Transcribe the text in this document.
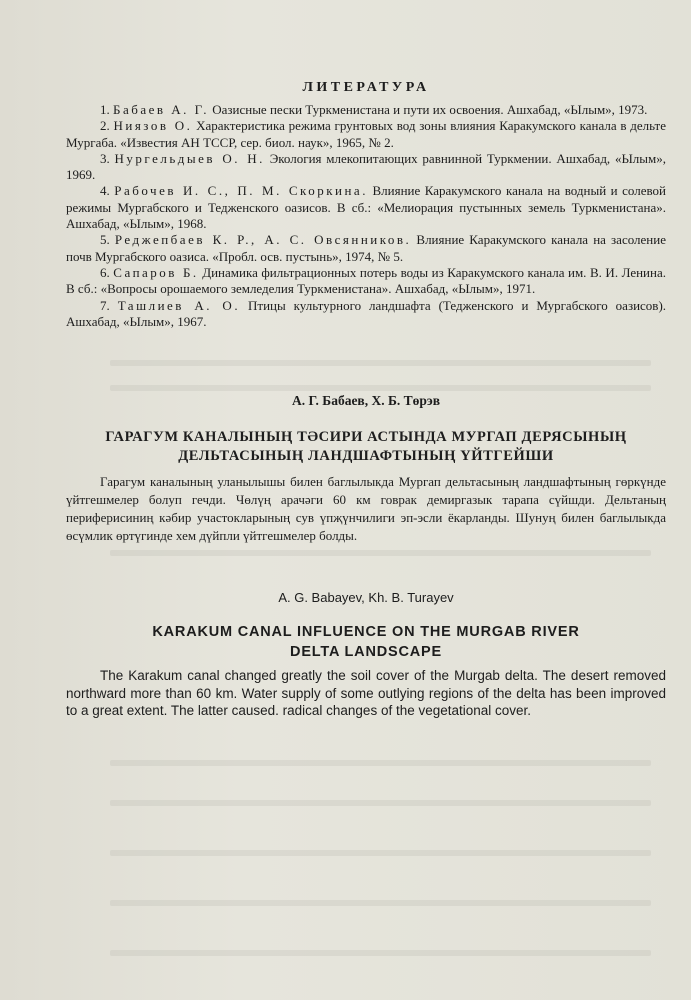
ЛИТЕРАТУРА

1. Бабаев А. Г. Оазисные пески Туркменистана и пути их освоения. Ашхабад, «Ылым», 1973.

2. Ниязов О. Характеристика режима грунтовых вод зоны влияния Каракумского канала в дельте Мургаба. «Известия АН ТССР, сер. биол. наук», 1965, № 2.

3. Нургельдыев О. Н. Экология млекопитающих равнинной Туркмении. Ашхабад, «Ылым», 1969.

4. Рабочев И. С., П. М. Скоркина. Влияние Каракумского канала на водный и солевой режимы Мургабского и Тедженского оазисов. В сб.: «Мелиорация пустынных земель Туркменистана». Ашхабад, «Ылым», 1968.

5. Реджепбаев К. Р., А. С. Овсянников. Влияние Каракумского канала на засоление почв Мургабского оазиса. «Пробл. осв. пустынь», 1974, № 5.

6. Сапаров Б. Динамика фильтрационных потерь воды из Каракумского канала им. В. И. Ленина. В сб.: «Вопросы орошаемого земледелия Туркменистана». Ашхабад, «Ылым», 1971.

7. Ташлиев А. О. Птицы культурного ландшафта (Тедженского и Мургабского оазисов). Ашхабад, «Ылым», 1967.

А. Г. Бабаев, Х. Б. Төрэв
ГАРАГУМ КАНАЛЫНЫҢ ТӘСИРИ АСТЫНДА МУРГАП ДЕРЯСЫНЫҢ
ДЕЛЬТАСЫНЫҢ ЛАНДШАФТЫНЫҢ ҮЙТГЕЙШИ

Гарагум каналының уланылышы билен баглылыкда Мургап дельтасының ландшафтының гөркүнде үйтгешмелер болуп гечди. Чөлүң арачәги 60 км говрак демиргазык тарапа сүйшди. Дельтаның периферисиниң кәбир участокларының сув үпҗүнчилиги эп-эсли ёкарланды. Шунуң билен баглылыкда өсүмлик өртүгинде хем дүйпли үйтгешмелер болды.

A. G. Babayev, Kh. B. Turayev
KARAKUM CANAL INFLUENCE ON THE MURGAB RIVER
DELTA LANDSCAPE

The Karakum canal changed greatly the soil cover of the Murgab delta. The desert removed northward more than 60 km. Water supply of some outlying regions of the delta has been improved to a great extent. The latter caused. radical changes of the vegetational cover.
